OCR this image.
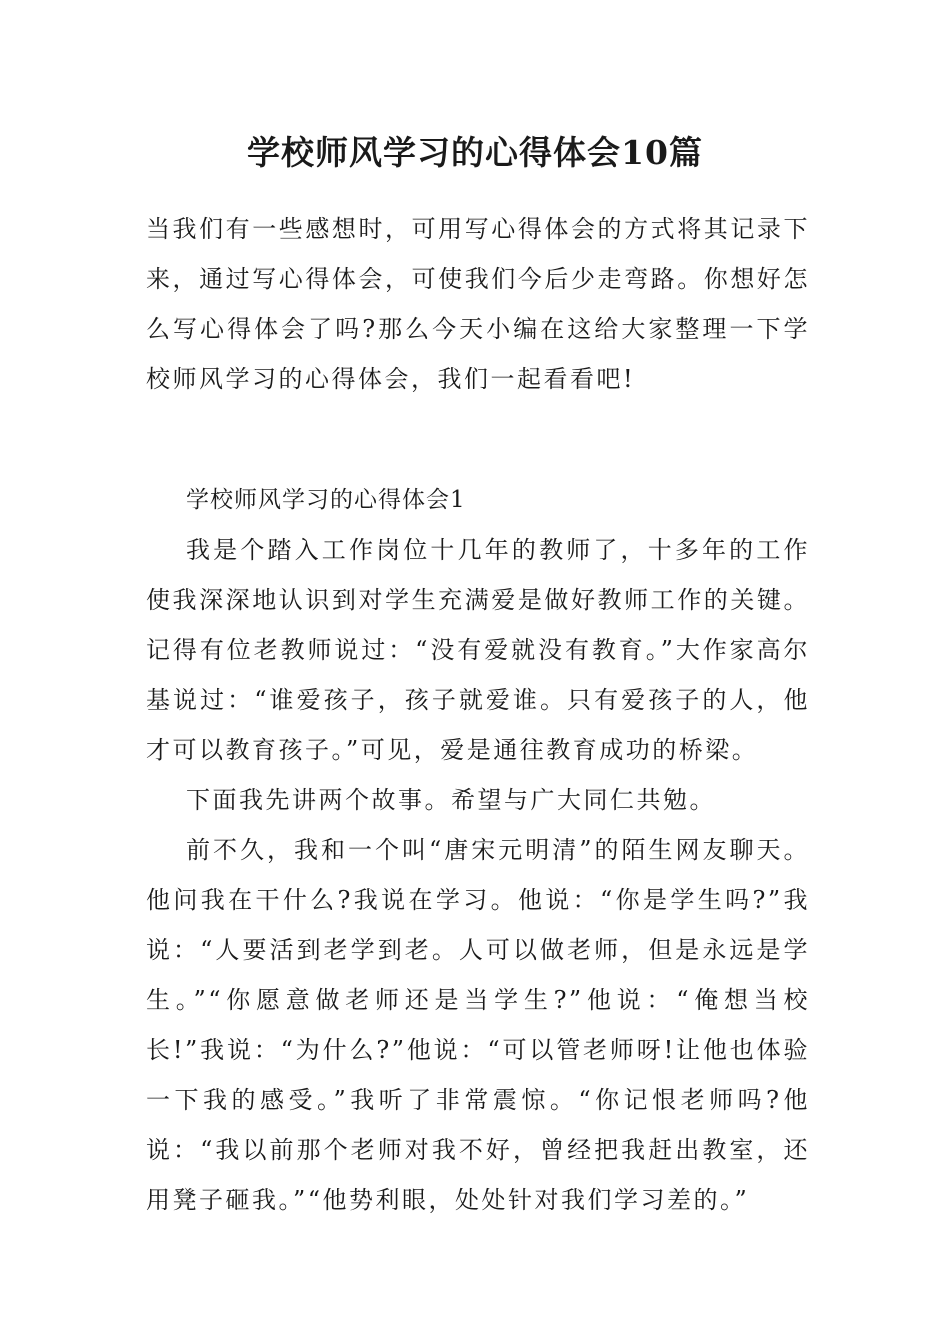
学校师风学习的心得体会10篇

当我们有一些感想时，可用写心得体会的方式将其记录下来，通过写心得体会，可使我们今后少走弯路。你想好怎么写心得体会了吗?那么今天小编在这给大家整理一下学校师风学习的心得体会，我们一起看看吧!

学校师风学习的心得体会1

我是个踏入工作岗位十几年的教师了，十多年的工作使我深深地认识到对学生充满爱是做好教师工作的关键。记得有位老教师说过：“没有爱就没有教育。”大作家高尔基说过：“谁爱孩子，孩子就爱谁。只有爱孩子的人，他才可以教育孩子。”可见，爱是通往教育成功的桥梁。

下面我先讲两个故事。希望与广大同仁共勉。

前不久，我和一个叫“唐宋元明清”的陌生网友聊天。他问我在干什么?我说在学习。他说：“你是学生吗?”我说：“人要活到老学到老。人可以做老师，但是永远是学生。”“你愿意做老师还是当学生?”他说：“俺想当校长!”我说：“为什么?”他说：“可以管老师呀!让他也体验一下我的感受。”我听了非常震惊。“你记恨老师吗?他说：“我以前那个老师对我不好，曾经把我赶出教室，还用凳子砸我。”“他势利眼，处处针对我们学习差的。”
